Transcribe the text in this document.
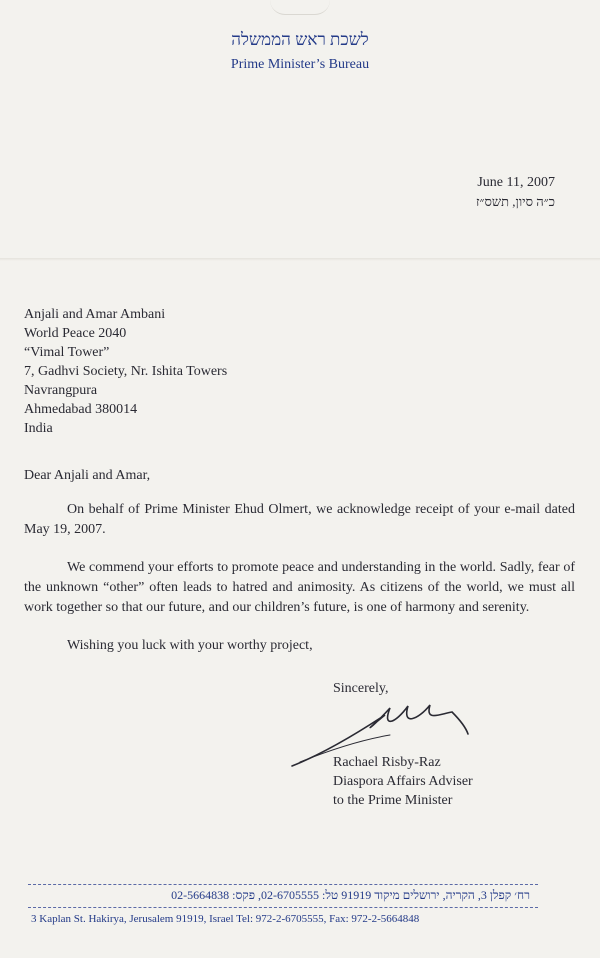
לשכת ראש הממשלה
Prime Minister’s Bureau
June 11, 2007
כ״ה סיון, תשס״ז
Anjali and Amar Ambani
World Peace 2040
“Vimal Tower”
7, Gadhvi Society, Nr. Ishita Towers
Navrangpura
Ahmedabad 380014
India

Dear Anjali and Amar,

On behalf of Prime Minister Ehud Olmert, we acknowledge receipt of your e-mail dated May 19, 2007.

We commend your efforts to promote peace and understanding in the world. Sadly, fear of the unknown “other” often leads to hatred and animosity. As citizens of the world, we must all work together so that our future, and our children’s future, is one of harmony and serenity.

Wishing you luck with your worthy project,

Sincerely,
Rachael Risby-Raz
Diaspora Affairs Adviser
to the Prime Minister
רח׳ קפלן 3, הקריה, ירושלים מיקוד 91919 טל: 02-6705555, פקס: 02-5664838
3 Kaplan St. Hakirya, Jerusalem 91919, Israel Tel: 972-2-6705555, Fax: 972-2-5664848
